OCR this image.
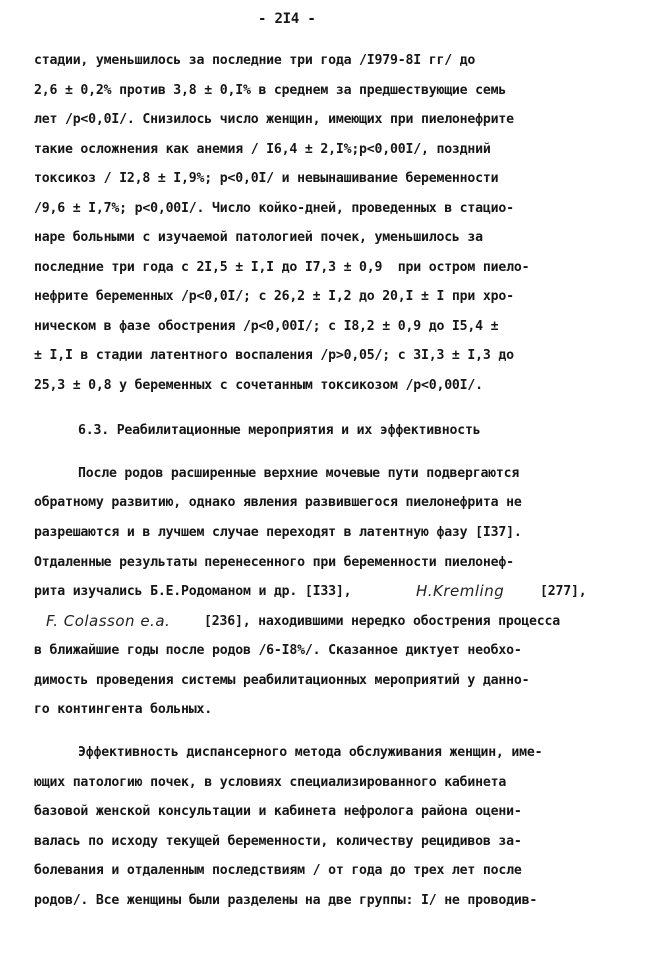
- 2I4 -
стадии, уменьшилось за последние три года /I979-8I гг/ до
2,6 ± 0,2% против 3,8 ± 0,I% в среднем за предшествующие семь
лет /p<0,0I/. Снизилось число женщин, имеющих при пиелонефрите
такие осложнения как анемия / I6,4 ± 2,I%;p<0,00I/, поздний
токсикоз / I2,8 ± I,9%; p<0,0I/ и невынашивание беременности
/9,6 ± I,7%; p<0,00I/. Число койко-дней, проведенных в стацио-
наре больными с изучаемой патологией почек, уменьшилось за
последние три года с 2I,5 ± I,I до I7,3 ± 0,9  при остром пиело-
нефрите беременных /p<0,0I/; с 26,2 ± I,2 до 20,I ± I при хро-
ническом в фазе обострения /p<0,00I/; с I8,2 ± 0,9 до I5,4 ±
± I,I в стадии латентного воспаления /p>0,05/; с 3I,3 ± I,3 до
25,3 ± 0,8 у беременных с сочетанным токсикозом /p<0,00I/.
6.3. Реабилитационные мероприятия и их эффективность
После родов расширенные верхние мочевые пути подвергаются
обратному развитию, однако явления развившегося пиелонефрита не
разрешаются и в лучшем случае переходят в латентную фазу [I37].
Отдаленные результаты перенесенного при беременности пиелонеф-
рита изучались Б.Е.Родоманом и др. [I33],	H.Kremling	[277],
F. Colasson e.a.	[236], находившими нередко обострения процесса
в ближайшие годы после родов /6-I8%/. Сказанное диктует необхо-
димость проведения системы реабилитационных мероприятий у данно-
го контингента больных.
Эффективность диспансерного метода обслуживания женщин, име-
ющих патологию почек, в условиях специализированного кабинета
базовой женской консультации и кабинета нефролога района оцени-
валась по исходу текущей беременности, количеству рецидивов за-
болевания и отдаленным последствиям / от года до трех лет после
родов/. Все женщины были разделены на две группы: I/ не проводив-
